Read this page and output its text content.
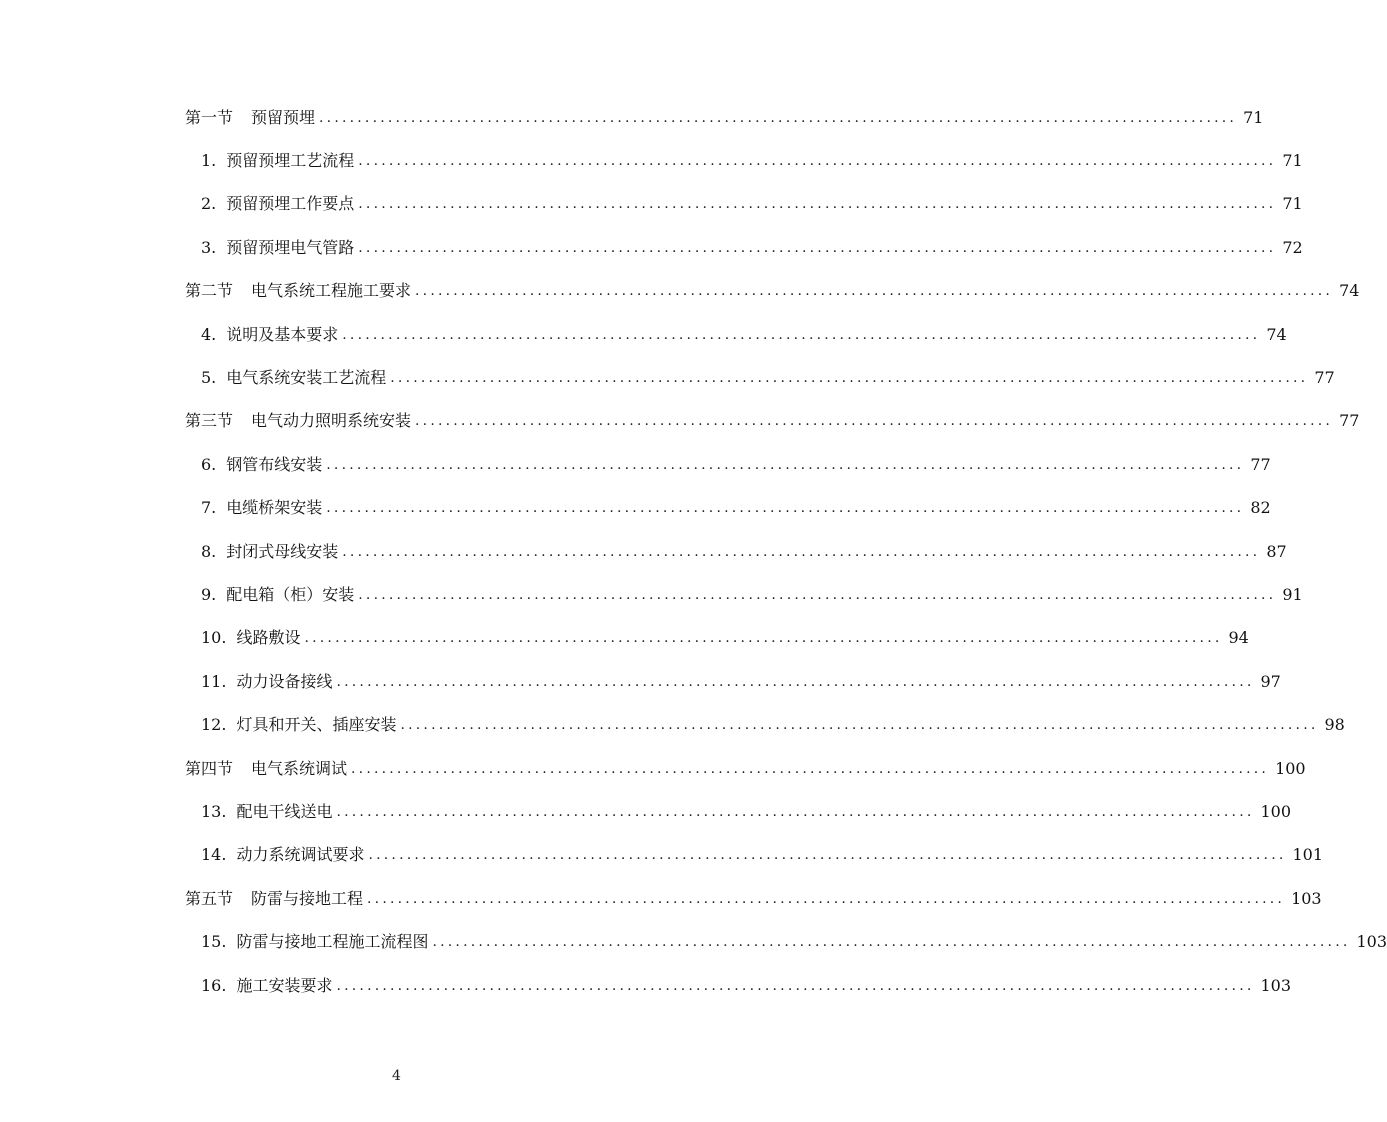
第一节 预留预埋 ........................................................................................................................ 71
1. 预留预埋工艺流程 ........................................................................................................................ 71
2. 预留预埋工作要点 ........................................................................................................................ 71
3. 预留预埋电气管路 ........................................................................................................................ 72
第二节 电气系统工程施工要求 ........................................................................................................................ 74
4. 说明及基本要求 ........................................................................................................................ 74
5. 电气系统安装工艺流程 ........................................................................................................................ 77
第三节 电气动力照明系统安装 ........................................................................................................................ 77
6. 钢管布线安装 ........................................................................................................................ 77
7. 电缆桥架安装 ........................................................................................................................ 82
8. 封闭式母线安装 ........................................................................................................................ 87
9. 配电箱（柜）安装 ........................................................................................................................ 91
10. 线路敷设 ........................................................................................................................ 94
11. 动力设备接线 ........................................................................................................................ 97
12. 灯具和开关、插座安装 ........................................................................................................................ 98
第四节 电气系统调试 ........................................................................................................................ 100
13. 配电干线送电 ........................................................................................................................ 100
14. 动力系统调试要求 ........................................................................................................................ 101
第五节 防雷与接地工程 ........................................................................................................................ 103
15. 防雷与接地工程施工流程图 ........................................................................................................................ 103
16. 施工安装要求 ........................................................................................................................ 103
4
